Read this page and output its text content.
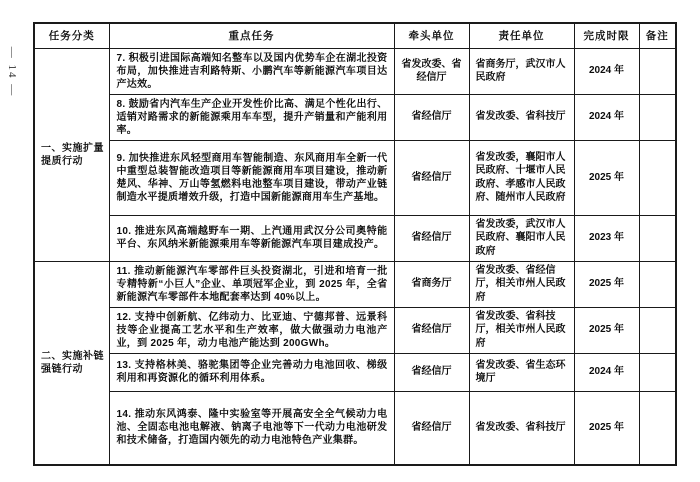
— 14 —
任务分类	重点任务	牵头单位	责任单位	完成时限	备注
一、实施扩量提质行动	7. 积极引进国际高端知名整车以及国内优势车企在湖北投资布局，加快推进吉利路特斯、小鹏汽车等新能源汽车项目达产达效。	省发改委、省经信厅	省商务厅，武汉市人民政府	2024 年	
	8. 鼓励省内汽车生产企业开发性价比高、满足个性化出行、适销对路需求的新能源乘用车车型，提升产销量和产能利用率。	省经信厅	省发改委、省科技厅	2024 年	
	9. 加快推进东风轻型商用车智能制造、东风商用车全新一代中重型总装智能改造项目等新能源商用车项目建设，推动新楚风、华神、万山等氢燃料电池整车项目建设，带动产业链制造水平提质增效升级，打造中国新能源商用车生产基地。	省经信厅	省发改委，襄阳市人民政府、十堰市人民政府、孝感市人民政府、随州市人民政府	2025 年	
	10. 推进东风高端越野车一期、上汽通用武汉分公司奥特能平台、东风纳米新能源乘用车等新能源汽车项目建成投产。	省经信厅	省发改委，武汉市人民政府、襄阳市人民政府	2023 年	
二、实施补链强链行动	11. 推动新能源汽车零部件巨头投资湖北，引进和培育一批专精特新“小巨人”企业、单项冠军企业，到 2025 年，全省新能源汽车零部件本地配套率达到 40%以上。	省商务厅	省发改委、省经信厅，相关市州人民政府	2025 年	
	12. 支持中创新航、亿纬动力、比亚迪、宁德邦普、远景科技等企业提高工艺水平和生产效率，做大做强动力电池产业，到 2025 年，动力电池产能达到 200GWh。	省经信厅	省发改委、省科技厅，相关市州人民政府	2025 年	
	13. 支持格林美、骆驼集团等企业完善动力电池回收、梯级利用和再资源化的循环利用体系。	省经信厅	省发改委、省生态环境厅	2024 年	
	14. 推动东风鸿泰、隆中实验室等开展高安全全气候动力电池、全固态电池电解液、钠离子电池等下一代动力电池研发和技术储备，打造国内领先的动力电池特色产业集群。	省经信厅	省发改委、省科技厅	2025 年	
